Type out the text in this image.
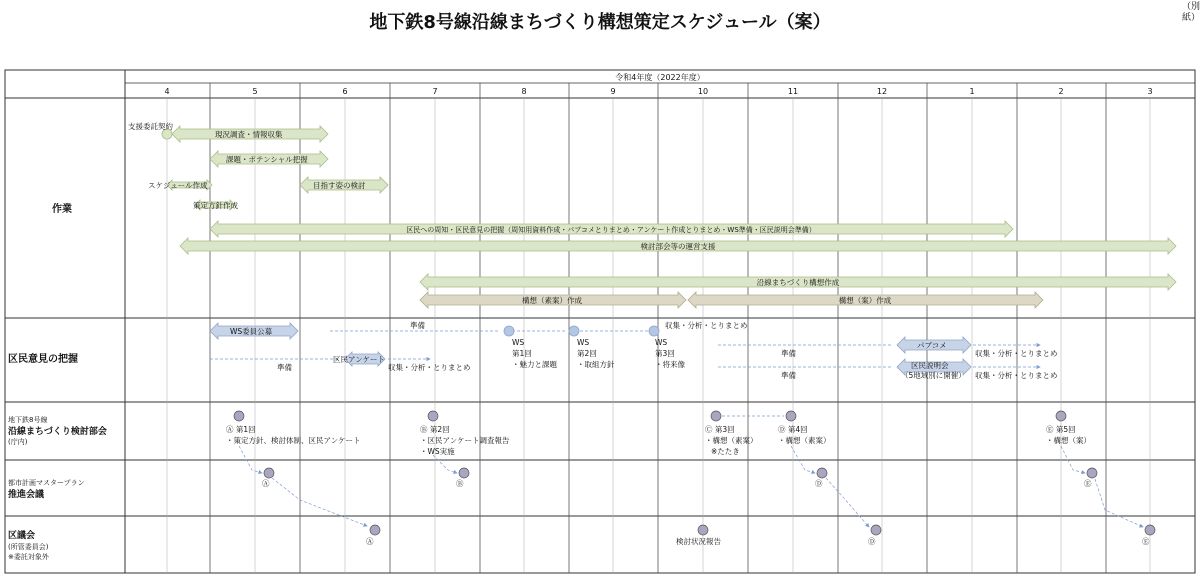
地下鉄8号線沿線まちづくり構想策定スケジュール（案）
（別紙）
令和4年度（2022年度）
4	5	6	7	8	9	10	11	12	1	2	3
作業
区民意見の把握
地下鉄8号線
沿線まちづくり検討部会
(庁内)
都市計画マスタープラン
推進会議
区議会
(所管委員会)
※委託対象外
支援委託契約
現況調査・情報収集
課題・ポテンシャル把握
スケジュール作成
策定方針作成
目指す姿の検討
区民への周知・区民意見の把握（周知用資料作成・パブコメとりまとめ・アンケート作成とりまとめ・WS準備・区民説明会準備）
検討部会等の運営支援
沿線まちづくり構想作成
構想（素案）作成	構想（案）作成
WS委員公募
準備	収集・分析・とりまとめ
準備
区民アンケート
収集・分析・とりまとめ
WS
第1回
・魅力と課題
WS
第2回
・取組方針
WS
第3回
・将来像
準備
パブコメ
収集・分析・とりまとめ
準備
区民説明会
（5地域別に開催） 収集・分析・とりまとめ
Ⓐ 第1回
・策定方針、検討体制、区民アンケート
Ⓑ 第2回
・区民アンケート調査報告
・WS実施
Ⓒ 第3回
・構想（素案）
※たたき
Ⓓ 第4回
・構想（素案）
Ⓔ 第5回
・構想（案）
Ⓐ	Ⓑ	Ⓓ	Ⓔ
Ⓐ	検討状況報告	Ⓓ	Ⓔ
